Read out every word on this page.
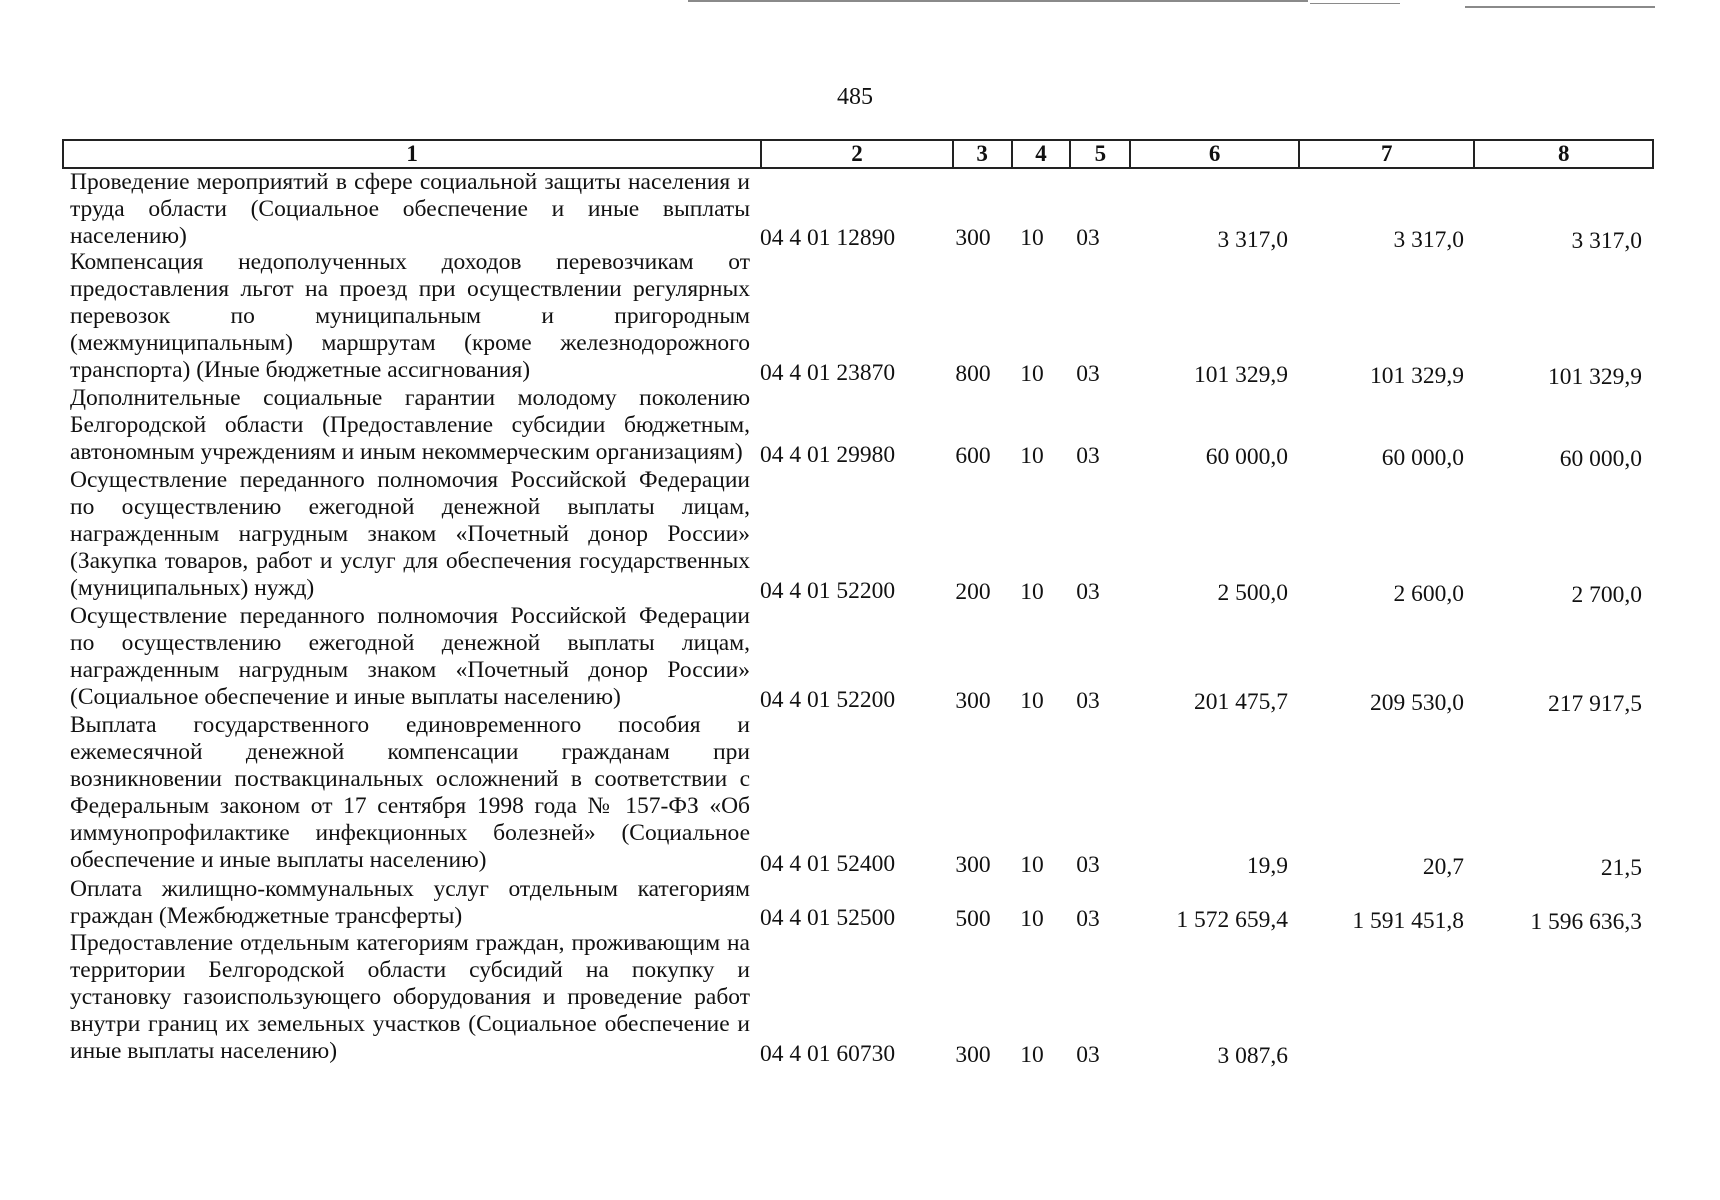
485
1	2	3	4	5	6	7	8
Проведение мероприятий в сфере социальной защиты населения и труда области (Социальное обеспечение и иные выплаты населению)	04 4 01 12890	300	10	03	3 317,0	3 317,0	3 317,0
Компенсация недополученных доходов перевозчикам от предоставления льгот на проезд при осуществлении регулярных перевозок по муниципальным и пригородным (межмуниципальным) маршрутам (кроме железнодорожного транспорта) (Иные бюджетные ассигнования)	04 4 01 23870	800	10	03	101 329,9	101 329,9	101 329,9
Дополнительные социальные гарантии молодому поколению Белгородской области (Предоставление субсидии бюджетным, автономным учреждениям и иным некоммерческим организациям) 04 4 01 29980	600	10	03	60 000,0	60 000,0	60 000,0
Осуществление переданного полномочия Российской Федерации по осуществлению ежегодной денежной выплаты лицам, награжденным нагрудным знаком «Почетный донор России» (Закупка товаров, работ и услуг для обеспечения государственных (муниципальных) нужд)	04 4 01 52200	200	10	03	2 500,0	2 600,0	2 700,0
Осуществление переданного полномочия Российской Федерации по осуществлению ежегодной денежной выплаты лицам, награжденным нагрудным знаком «Почетный донор России» (Социальное обеспечение и иные выплаты населению)	04 4 01 52200	300	10	03	201 475,7	209 530,0	217 917,5
Выплата государственного единовременного пособия и ежемесячной денежной компенсации гражданам при возникновении поствакцинальных осложнений в соответствии с Федеральным законом от 17 сентября 1998 года № 157-ФЗ «Об иммунопрофилактике инфекционных болезней» (Социальное обеспечение и иные выплаты населению)	04 4 01 52400	300	10	03	19,9	20,7	21,5
Оплата жилищно-коммунальных услуг отдельным категориям граждан (Межбюджетные трансферты)	04 4 01 52500	500	10	03	1 572 659,4	1 591 451,8	1 596 636,3
Предоставление отдельным категориям граждан, проживающим на территории Белгородской области субсидий на покупку и установку газоиспользующего оборудования и проведение работ внутри границ их земельных участков (Социальное обеспечение и иные выплаты населению)	04 4 01 60730	300	10	03	3 087,6
